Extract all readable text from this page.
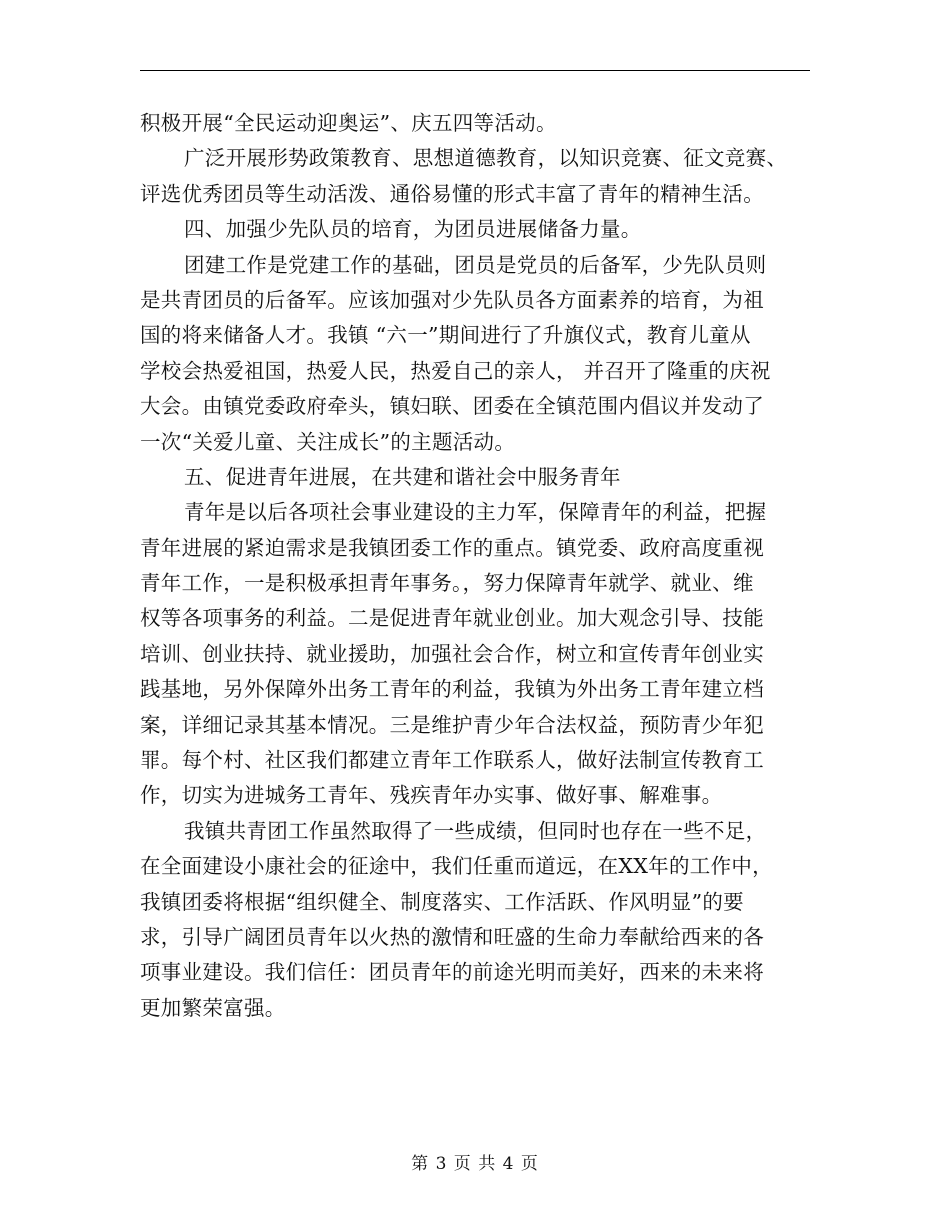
积极开展“全民运动迎奥运”、庆五四等活动。
广泛开展形势政策教育、思想道德教育，以知识竞赛、征文竞赛、
评选优秀团员等生动活泼、通俗易懂的形式丰富了青年的精神生活。
四、加强少先队员的培育，为团员进展储备力量。
团建工作是党建工作的基础，团员是党员的后备军，少先队员则
是共青团员的后备军。应该加强对少先队员各方面素养的培育，为祖
国的将来储备人才。我镇 “六一”期间进行了升旗仪式，教育儿童从
学校会热爱祖国，热爱人民，热爱自己的亲人， 并召开了隆重的庆祝
大会。由镇党委政府牵头，镇妇联、团委在全镇范围内倡议并发动了
一次“关爱儿童、关注成长”的主题活动。
五、促进青年进展，在共建和谐社会中服务青年
青年是以后各项社会事业建设的主力军，保障青年的利益，把握
青年进展的紧迫需求是我镇团委工作的重点。镇党委、政府高度重视
青年工作，一是积极承担青年事务。，努力保障青年就学、就业、维
权等各项事务的利益。二是促进青年就业创业。加大观念引导、技能
培训、创业扶持、就业援助，加强社会合作，树立和宣传青年创业实
践基地，另外保障外出务工青年的利益，我镇为外出务工青年建立档
案，详细记录其基本情况。三是维护青少年合法权益，预防青少年犯
罪。每个村、社区我们都建立青年工作联系人，做好法制宣传教育工
作，切实为进城务工青年、残疾青年办实事、做好事、解难事。
我镇共青团工作虽然取得了一些成绩，但同时也存在一些不足，
在全面建设小康社会的征途中，我们任重而道远，在XX年的工作中，
我镇团委将根据“组织健全、制度落实、工作活跃、作风明显”的要
求，引导广阔团员青年以火热的激情和旺盛的生命力奉献给西来的各
项事业建设。我们信任：团员青年的前途光明而美好，西来的未来将
更加繁荣富强。
第 3 页 共 4 页
